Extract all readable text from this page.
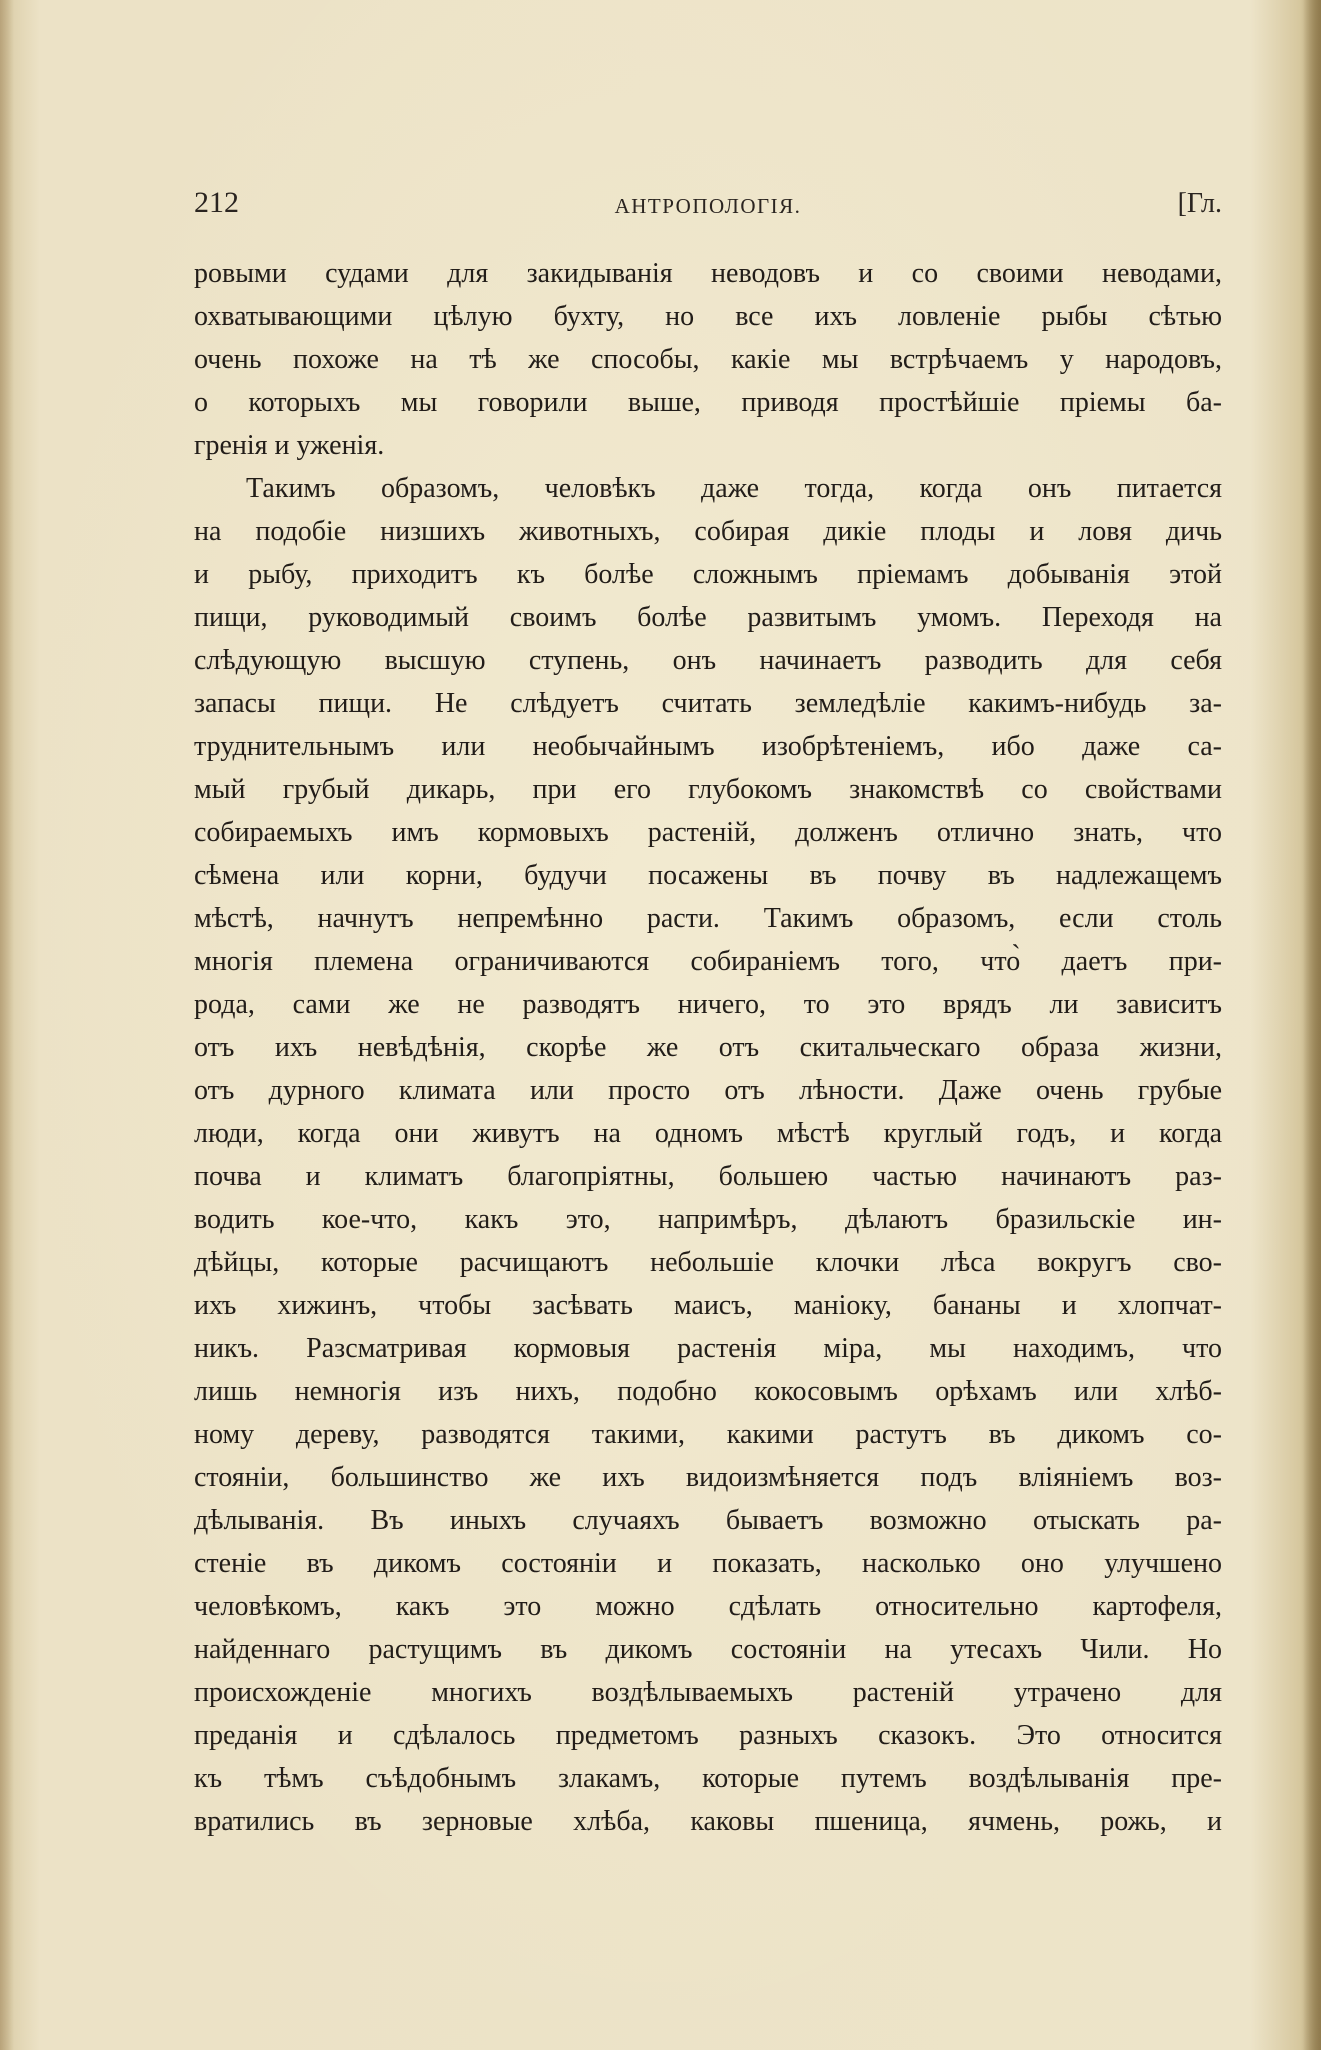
212	АНТРОПОЛОГІЯ.	[Гл.
ровыми судами для закидыванія неводовъ и со своими неводами,
охватывающими цѣлую бухту, но все ихъ ловленіе рыбы сѣтью
очень похоже на тѣ же способы, какіе мы встрѣчаемъ у народовъ,
о которыхъ мы говорили выше, приводя простѣйшіе пріемы ба-
гренія и уженія.
Такимъ образомъ, человѣкъ даже тогда, когда онъ питается
на подобіе низшихъ животныхъ, собирая дикіе плоды и ловя дичь
и рыбу, приходитъ къ болѣе сложнымъ пріемамъ добыванія этой
пищи, руководимый своимъ болѣе развитымъ умомъ. Переходя на
слѣдующую высшую ступень, онъ начинаетъ разводить для себя
запасы пищи. Не слѣдуетъ считать земледѣліе какимъ-нибудь за-
труднительнымъ или необычайнымъ изобрѣтеніемъ, ибо даже са-
мый грубый дикарь, при его глубокомъ знакомствѣ со свойствами
собираемыхъ имъ кормовыхъ растеній, долженъ отлично знать, что
сѣмена или корни, будучи посажены въ почву въ надлежащемъ
мѣстѣ, начнутъ непремѣнно расти. Такимъ образомъ, если столь
многія племена ограничиваются собираніемъ того, что̀ даетъ при-
рода, сами же не разводятъ ничего, то это врядъ ли зависитъ
отъ ихъ невѣдѣнія, скорѣе же отъ скитальческаго образа жизни,
отъ дурного климата или просто отъ лѣности. Даже очень грубые
люди, когда они живутъ на одномъ мѣстѣ круглый годъ, и когда
почва и климатъ благопріятны, большею частью начинаютъ раз-
водить кое-что, какъ это, напримѣръ, дѣлаютъ бразильскіе ин-
дѣйцы, которые расчищаютъ небольшіе клочки лѣса вокругъ сво-
ихъ хижинъ, чтобы засѣвать маисъ, маніоку, бананы и хлопчат-
никъ. Разсматривая кормовыя растенія міра, мы находимъ, что
лишь немногія изъ нихъ, подобно кокосовымъ орѣхамъ или хлѣб-
ному дереву, разводятся такими, какими растутъ въ дикомъ со-
стояніи, большинство же ихъ видоизмѣняется подъ вліяніемъ воз-
дѣлыванія. Въ иныхъ случаяхъ бываетъ возможно отыскать ра-
стеніе въ дикомъ состояніи и показать, насколько оно улучшено
человѣкомъ, какъ это можно сдѣлать относительно картофеля,
найденнаго растущимъ въ дикомъ состояніи на утесахъ Чили. Но
происхожденіе многихъ воздѣлываемыхъ растеній утрачено для
преданія и сдѣлалось предметомъ разныхъ сказокъ. Это относится
къ тѣмъ съѣдобнымъ злакамъ, которые путемъ воздѣлыванія пре-
вратились въ зерновые хлѣба, каковы пшеница, ячмень, рожь, и
